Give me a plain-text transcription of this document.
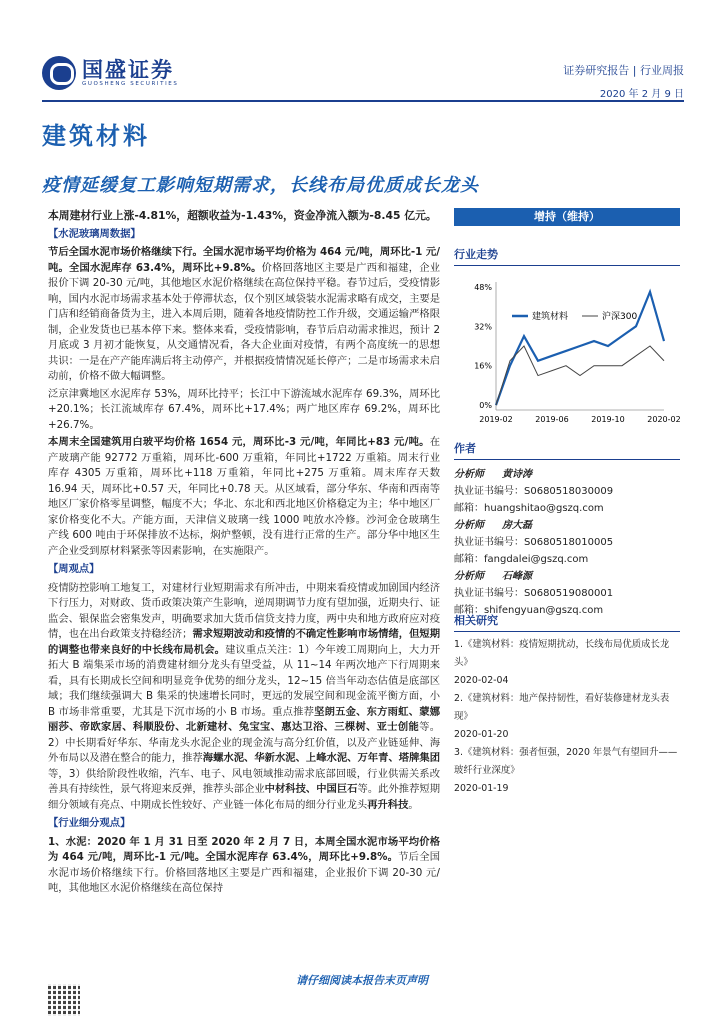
国盛证券
GUOSHENG SECURITIES
证券研究报告 | 行业周报
2020 年 2 月 9 日
建筑材料
疫情延缓复工影响短期需求，长线布局优质成长龙头

本周建材行业上涨-4.81%，超额收益为-1.43%，资金净流入额为-8.45 亿元。

【水泥玻璃周数据】

节后全国水泥市场价格继续下行。全国水泥市场平均价格为 464 元/吨，周环比-1 元/吨。全国水泥库存 63.4%，周环比+9.8%。价格回落地区主要是广西和福建，企业报价下调 20-30 元/吨，其他地区水泥价格继续在高位保持平稳。春节过后，受疫情影响，国内水泥市场需求基本处于停滞状态，仅个别区域袋装水泥需求略有成交，主要是门店和经销商备货为主，进入本周后期，随着各地疫情防控工作升级，交通运输严格限制，企业发货也已基本停下来。整体来看，受疫情影响，春节后启动需求推迟，预计 2 月底或 3 月初才能恢复，从交通情况看，各大企业面对疫情，有两个高度统一的思想共识：一是在产产能库满后将主动停产，并根据疫情情况延长停产；二是市场需求未启动前，价格不做大幅调整。

泛京津冀地区水泥库存 53%，周环比持平；长江中下游流域水泥库存 69.3%，周环比+20.1%；长江流域库存 67.4%，周环比+17.4%；两广地区库存 69.2%，周环比+26.7%。

本周末全国建筑用白玻平均价格 1654 元，周环比-3 元/吨，年同比+83 元/吨。在产玻璃产能 92772 万重箱，周环比-600 万重箱，年同比+1722 万重箱。周末行业库存 4305 万重箱，周环比+118 万重箱，年同比+275 万重箱。周末库存天数 16.94 天，周环比+0.57 天，年同比+0.78 天。从区域看，部分华东、华南和西南等地区厂家价格零星调整，幅度不大；华北、东北和西北地区价格稳定为主；华中地区厂家价格变化不大。产能方面，天津信义玻璃一线 1000 吨放水冷修。沙河金仓玻璃生产线 600 吨由于环保排放不达标，焖炉整顿，没有进行正常的生产。部分华中地区生产企业受到原材料紧张等因素影响，在实施限产。

【周观点】

疫情防控影响工地复工，对建材行业短期需求有所冲击，中期来看疫情或加剧国内经济下行压力，对财政、货币政策决策产生影响，逆周期调节力度有望加强，近期央行、证监会、银保监会密集发声，明确要求加大货币信贷支持力度，两中央和地方政府应对疫情，也在出台政策支持稳经济；需求短期波动和疫情的不确定性影响市场情绪，但短期的调整也带来良好的中长线布局机会。建议重点关注：1）今年竣工周期向上，大力开拓大 B 端集采市场的消费建材细分龙头有望受益，从 11~14 年两次地产下行周期来看，具有长期成长空间和明显竞争优势的细分龙头，12~15 倍当年动态估值是底部区域；我们继续强调大 B 集采的快速增长同时，更远的发展空间和现金流平衡方面，小 B 市场非常重要，尤其是下沉市场的小 B 市场。重点推荐坚朗五金、东方雨虹、蒙娜丽莎、帝欧家居、科顺股份、北新建材、兔宝宝、惠达卫浴、三棵树、亚士创能等。2）中长期看好华东、华南龙头水泥企业的现金流与高分红价值，以及产业链延伸、海外布局以及潜在整合的能力，推荐海螺水泥、华新水泥、上峰水泥、万年青、塔牌集团等，3）供给阶段性收缩，汽车、电子、风电领域推动需求底部回暖，行业供需关系改善具有持续性，景气将迎来反弹，推荐头部企业中材科技、中国巨石等。此外推荐短期细分领域有亮点、中期成长性较好、产业链一体化布局的细分行业龙头再升科技。

【行业细分观点】

1、水泥：2020 年 1 月 31 日至 2020 年 2 月 7 日，本周全国水泥市场平均价格为 464 元/吨，周环比-1 元/吨。全国水泥库存 63.4%，周环比+9.8%。节后全国水泥市场价格继续下行。价格回落地区主要是广西和福建，企业报价下调 20-30 元/吨，其他地区水泥价格继续在高位保持

增持（维持）
行业走势
建筑材料	沪深300
48%
32%
16%
0%
2019-02	2019-06	2019-10	2020-02
作者
分析师 黄诗涛
执业证书编号：S0680518030009
邮箱：huangshitao@gszq.com
分析师 房大磊
执业证书编号：S0680518010005
邮箱：fangdalei@gszq.com
分析师 石峰源
执业证书编号：S0680519080001
邮箱：shifengyuan@gszq.com
相关研究
1.《建筑材料：疫情短期扰动，长线布局优质成长龙头》
2020-02-04
2.《建筑材料：地产保持韧性，看好装修建材龙头表现》
2020-01-20
3.《建筑材料：强者恒强，2020 年景气有望回升——玻纤行业深度》
2020-01-19
请仔细阅读本报告末页声明
